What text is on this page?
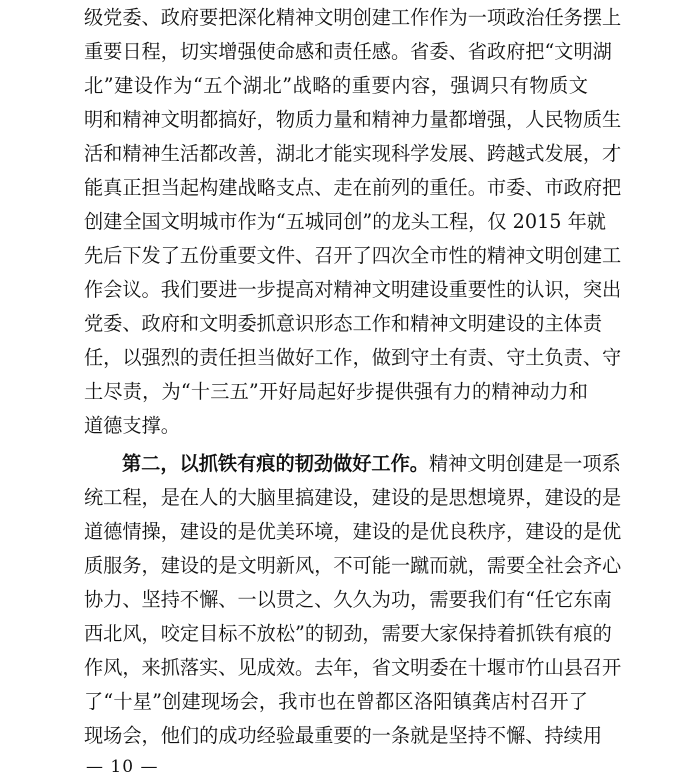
级党委、政府要把深化精神文明创建工作作为一项政治任务摆上
重要日程，切实增强使命感和责任感。省委、省政府把“文明湖
北”建设作为“五个湖北”战略的重要内容，强调只有物质文
明和精神文明都搞好，物质力量和精神力量都增强，人民物质生
活和精神生活都改善，湖北才能实现科学发展、跨越式发展，才
能真正担当起构建战略支点、走在前列的重任。市委、市政府把
创建全国文明城市作为“五城同创”的龙头工程，仅 2015 年就
先后下发了五份重要文件、召开了四次全市性的精神文明创建工
作会议。我们要进一步提高对精神文明建设重要性的认识，突出
党委、政府和文明委抓意识形态工作和精神文明建设的主体责
任，以强烈的责任担当做好工作，做到守土有责、守土负责、守
土尽责，为“十三五”开好局起好步提供强有力的精神动力和
道德支撑。
第二，以抓铁有痕的韧劲做好工作。精神文明创建是一项系
统工程，是在人的大脑里搞建设，建设的是思想境界，建设的是
道德情操，建设的是优美环境，建设的是优良秩序，建设的是优
质服务，建设的是文明新风，不可能一蹴而就，需要全社会齐心
协力、坚持不懈、一以贯之、久久为功，需要我们有“任它东南
西北风，咬定目标不放松”的韧劲，需要大家保持着抓铁有痕的
作风，来抓落实、见成效。去年，省文明委在十堰市竹山县召开
了“十星”创建现场会，我市也在曾都区洛阳镇龚店村召开了
现场会，他们的成功经验最重要的一条就是坚持不懈、持续用
— 10 —
